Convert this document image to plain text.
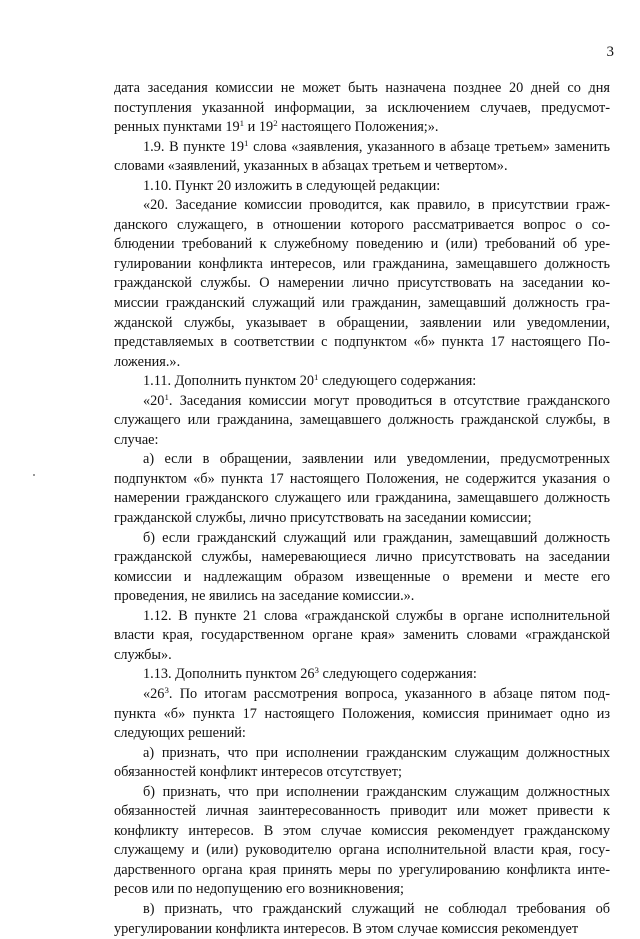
3

дата заседания комиссии не может быть назначена позднее 20 дней со дня поступления указанной информации, за исключением случаев, предусмотренных пунктами $19^1$ и $19^2$ настоящего Положения;».

1.9. В пункте $19^1$ слова «заявления, указанного в абзаце третьем» заменить словами «заявлений, указанных в абзацах третьем и четвертом».

1.10. Пункт 20 изложить в следующей редакции:

«20. Заседание комиссии проводится, как правило, в присутствии гражданского служащего, в отношении которого рассматривается вопрос о соблюдении требований к служебному поведению и (или) требований об урегулировании конфликта интересов, или гражданина, замещавшего должность гражданской службы. О намерении лично присутствовать на заседании комиссии гражданский служащий или гражданин, замещавший должность гражданской службы, указывает в обращении, заявлении или уведомлении, представляемых в соответствии с подпунктом «б» пункта 17 настоящего Положения.».

1.11. Дополнить пунктом $20^1$ следующего содержания:

«$20^1$. Заседания комиссии могут проводиться в отсутствие гражданского служащего или гражданина, замещавшего должность гражданской службы, в случае:

а) если в обращении, заявлении или уведомлении, предусмотренных подпунктом «б» пункта 17 настоящего Положения, не содержится указания о намерении гражданского служащего или гражданина, замещавшего должность гражданской службы, лично присутствовать на заседании комиссии;

б) если гражданский служащий или гражданин, замещавший должность гражданской службы, намеревающиеся лично присутствовать на заседании комиссии и надлежащим образом извещенные о времени и месте его проведения, не явились на заседание комиссии.».

1.12. В пункте 21 слова «гражданской службы в органе исполнительной власти края, государственном органе края» заменить словами «гражданской службы».

1.13. Дополнить пунктом $26^3$ следующего содержания:

«$26^3$. По итогам рассмотрения вопроса, указанного в абзаце пятом подпункта «б» пункта 17 настоящего Положения, комиссия принимает одно из следующих решений:

а) признать, что при исполнении гражданским служащим должностных обязанностей конфликт интересов отсутствует;

б) признать, что при исполнении гражданским служащим должностных обязанностей личная заинтересованность приводит или может привести к конфликту интересов. В этом случае комиссия рекомендует гражданскому служащему и (или) руководителю органа исполнительной власти края, государственного органа края принять меры по урегулированию конфликта интересов или по недопущению его возникновения;

в) признать, что гражданский служащий не соблюдал требования об урегулировании конфликта интересов. В этом случае комиссия рекомендует
